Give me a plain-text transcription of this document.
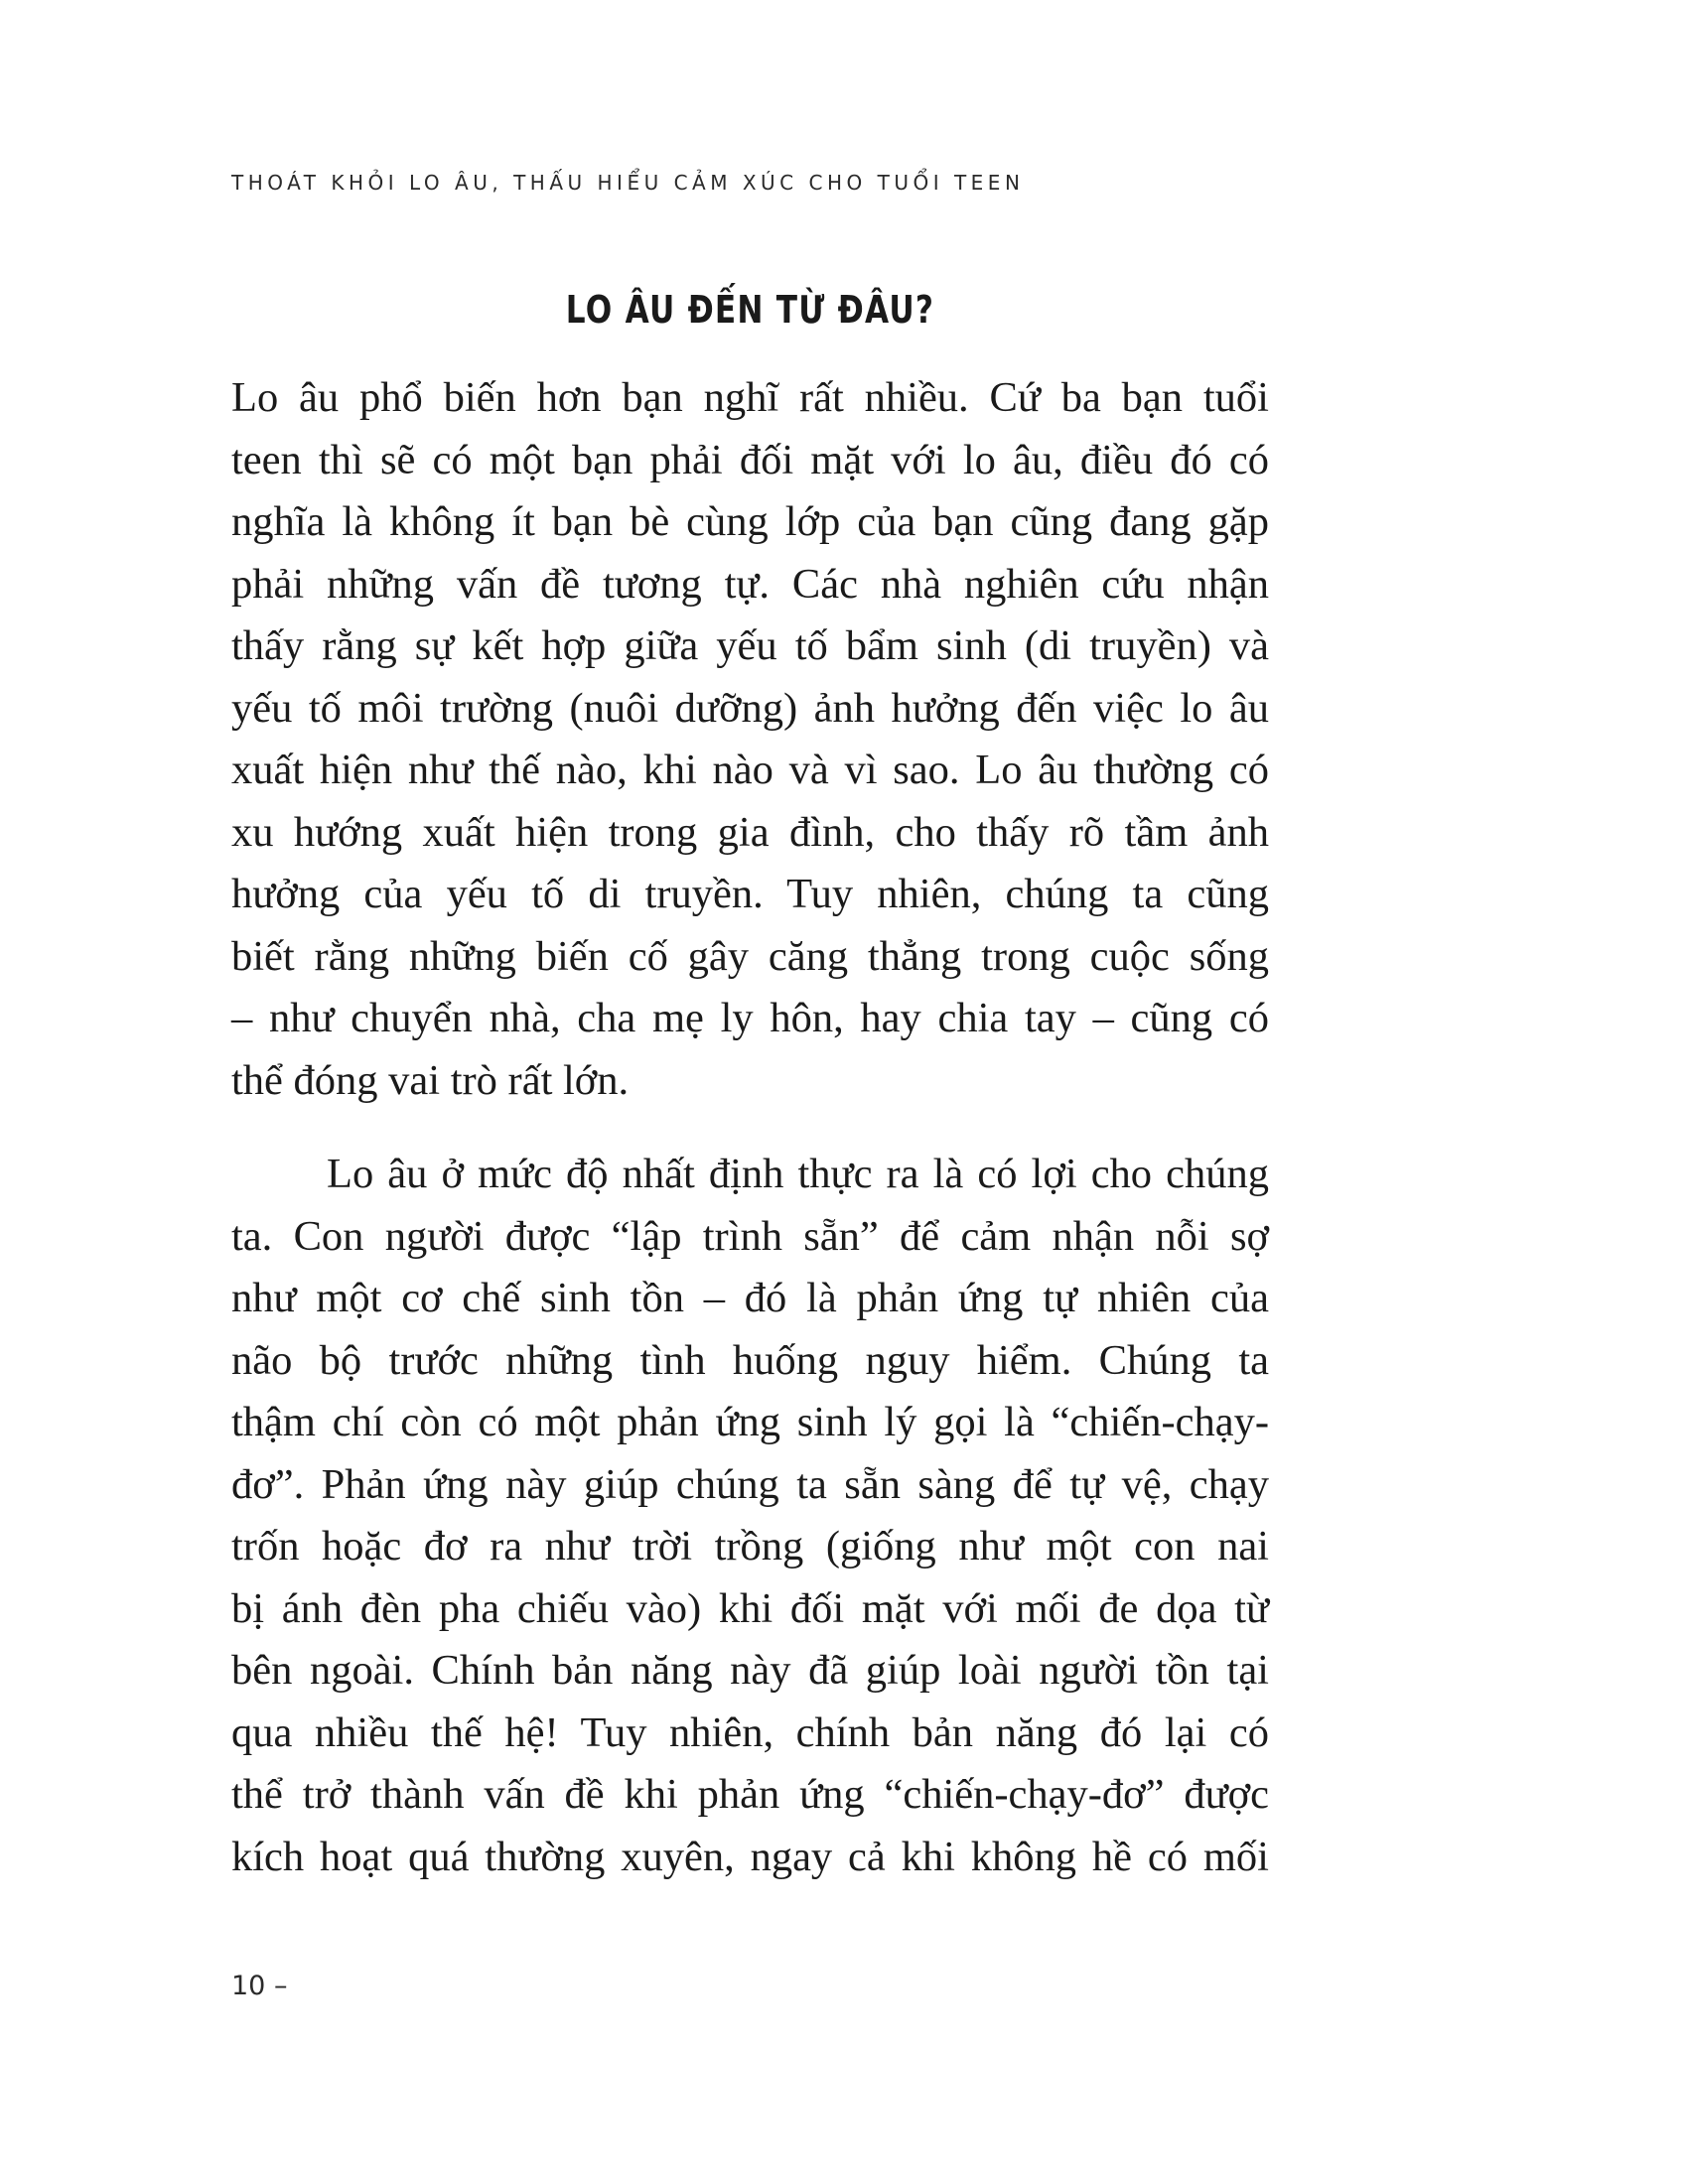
THOÁT KHỎI LO ÂU, THẤU HIỂU CẢM XÚC CHO TUỔI TEEN
LO ÂU ĐẾN TỪ ĐÂU?

Lo âu phổ biến hơn bạn nghĩ rất nhiều. Cứ ba bạn tuổi
teen thì sẽ có một bạn phải đối mặt với lo âu, điều đó có
nghĩa là không ít bạn bè cùng lớp của bạn cũng đang gặp
phải những vấn đề tương tự. Các nhà nghiên cứu nhận
thấy rằng sự kết hợp giữa yếu tố bẩm sinh (di truyền) và
yếu tố môi trường (nuôi dưỡng) ảnh hưởng đến việc lo âu
xuất hiện như thế nào, khi nào và vì sao. Lo âu thường có
xu hướng xuất hiện trong gia đình, cho thấy rõ tầm ảnh
hưởng của yếu tố di truyền. Tuy nhiên, chúng ta cũng
biết rằng những biến cố gây căng thẳng trong cuộc sống
– như chuyển nhà, cha mẹ ly hôn, hay chia tay – cũng có
thể đóng vai trò rất lớn.

Lo âu ở mức độ nhất định thực ra là có lợi cho chúng
ta. Con người được “lập trình sẵn” để cảm nhận nỗi sợ
như một cơ chế sinh tồn – đó là phản ứng tự nhiên của
não bộ trước những tình huống nguy hiểm. Chúng ta
thậm chí còn có một phản ứng sinh lý gọi là “chiến-chạy-
đơ”. Phản ứng này giúp chúng ta sẵn sàng để tự vệ, chạy
trốn hoặc đơ ra như trời trồng (giống như một con nai
bị ánh đèn pha chiếu vào) khi đối mặt với mối đe dọa từ
bên ngoài. Chính bản năng này đã giúp loài người tồn tại
qua nhiều thế hệ! Tuy nhiên, chính bản năng đó lại có
thể trở thành vấn đề khi phản ứng “chiến-chạy-đơ” được
kích hoạt quá thường xuyên, ngay cả khi không hề có mối

10 –
